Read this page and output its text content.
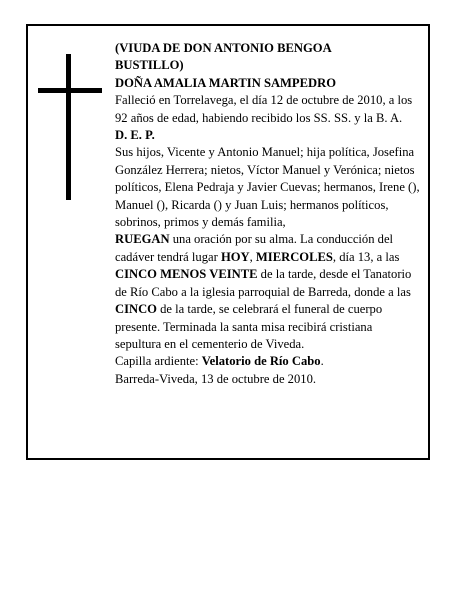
(VIUDA DE DON ANTONIO BENGOA
BUSTILLO)

DOÑA AMALIA MARTIN SAMPEDRO

Falleció en Torrelavega, el día 12 de octubre de 2010, a los 92 años de edad, habiendo recibido los SS. SS. y la B. A.

D. E. P.

Sus hijos, Vicente y Antonio Manuel; hija política, Josefina González Herrera; nietos, Víctor Manuel y Verónica; nietos políticos, Elena Pedraja y Javier Cuevas; hermanos, Irene (), Manuel (), Ricarda () y Juan Luis; hermanos políticos, sobrinos, primos y demás familia,

RUEGAN una oración por su alma. La conducción del cadáver tendrá lugar HOY, MIERCOLES, día 13, a las CINCO MENOS VEINTE de la tarde, desde el Tanatorio de Río Cabo a la iglesia parroquial de Barreda, donde a las CINCO de la tarde, se celebrará el funeral de cuerpo presente. Terminada la santa misa recibirá cristiana sepultura en el cementerio de Viveda.

Capilla ardiente: Velatorio de Río Cabo.

Barreda-Viveda, 13 de octubre de 2010.
